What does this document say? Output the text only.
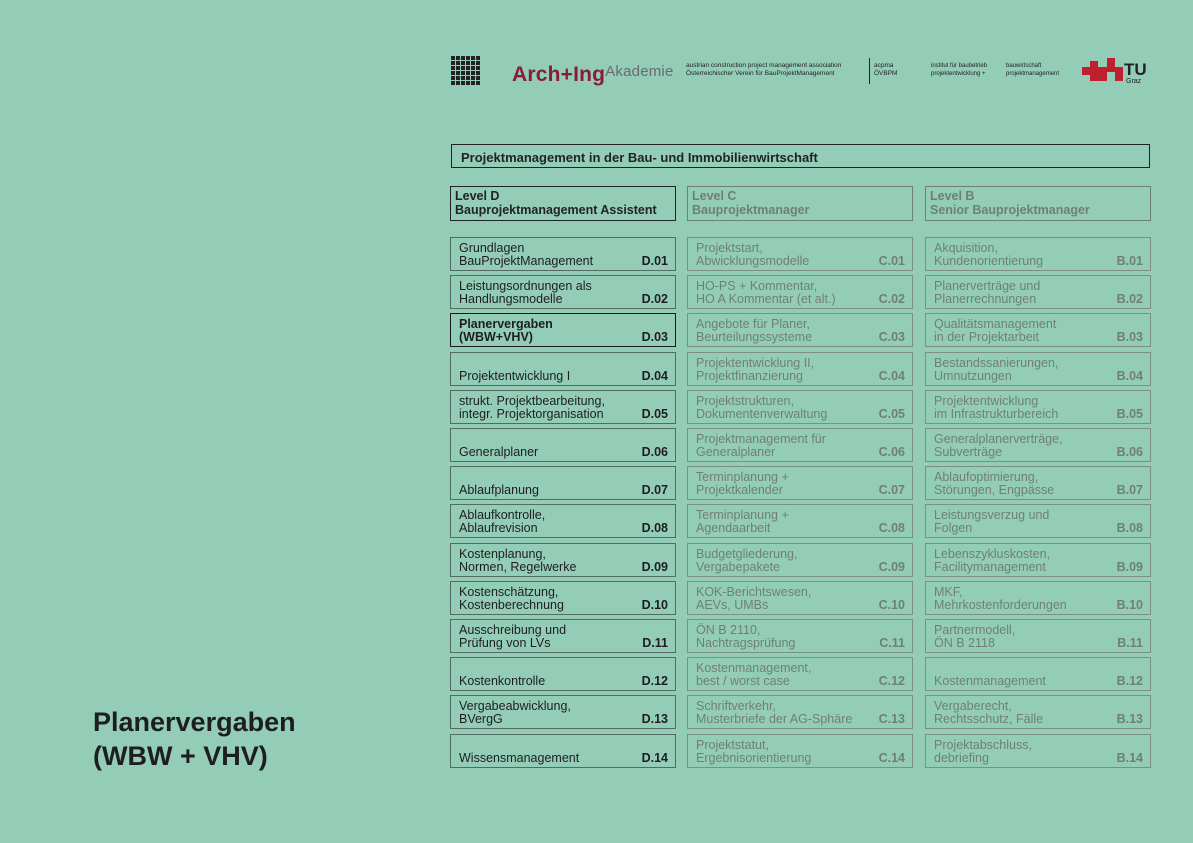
Arch+Ing$^{Akademie}$ austrian construction project management association
Österreichischer Verein für BauProjektManagement
acpma
ÖVBPM
institut für baubetrieb
projektentwicklung +
bauwirtschaft
projektmanagement	TU
Graz
Projektmanagement in der Bau- und Immobilienwirtschaft
Level D
Bauprojektmanagement Assistent
Level C
Bauprojektmanager
Level B
Senior Bauprojektmanager
Grundlagen
BauProjektManagement	D.01
Leistungsordnungen als
Handlungsmodelle	D.02
Planervergaben
(WBW+VHV)	D.03
Projektentwicklung I	D.04
strukt. Projektbearbeitung,
integr. Projektorganisation	D.05
Generalplaner	D.06
Ablaufplanung	D.07
Ablaufkontrolle,
Ablaufrevision	D.08
Kostenplanung,
Normen, Regelwerke	D.09
Kostenschätzung,
Kostenberechnung	D.10
Ausschreibung und
Prüfung von LVs	D.11
Kostenkontrolle	D.12
Vergabeabwicklung,
BVergG	D.13
Wissensmanagement	D.14
Projektstart,
Abwicklungsmodelle	C.01
HO-PS + Kommentar,
HO A Kommentar (et alt.)	C.02
Angebote für Planer,
Beurteilungssysteme	C.03
Projektentwicklung II,
Projektfinanzierung	C.04
Projektstrukturen,
Dokumentenverwaltung	C.05
Projektmanagement für
Generalplaner	C.06
Terminplanung +
Projektkalender	C.07
Terminplanung +
Agendaarbeit	C.08
Budgetgliederung,
Vergabepakete	C.09
KOK-Berichtswesen,
AEVs, UMBs	C.10
ÖN B 2110,
Nachtragsprüfung	C.11
Kostenmanagement,
best / worst case	C.12
Schriftverkehr,
Musterbriefe der AG-Sphäre C.13
Projektstatut,
Ergebnisorientierung	C.14
Akquisition,
Kundenorientierung	B.01
Planerverträge und
Planerrechnungen	B.02
Qualitätsmanagement
in der Projektarbeit	B.03
Bestandssanierungen,
Umnutzungen	B.04
Projektentwicklung
im Infrastrukturbereich	B.05
Generalplanerverträge,
Subverträge	B.06
Ablaufoptimierung,
Störungen, Engpässe	B.07
Leistungsverzug und
Folgen	B.08
Lebenszykluskosten,
Facilitymanagement	B.09
MKF,
Mehrkostenforderungen	B.10
Partnermodell,
ÖN B 2118	B.11
Kostenmanagement	B.12
Vergaberecht,
Rechtsschutz, Fälle	B.13
Projektabschluss,
debriefing	B.14
Planervergaben
(WBW + VHV)
